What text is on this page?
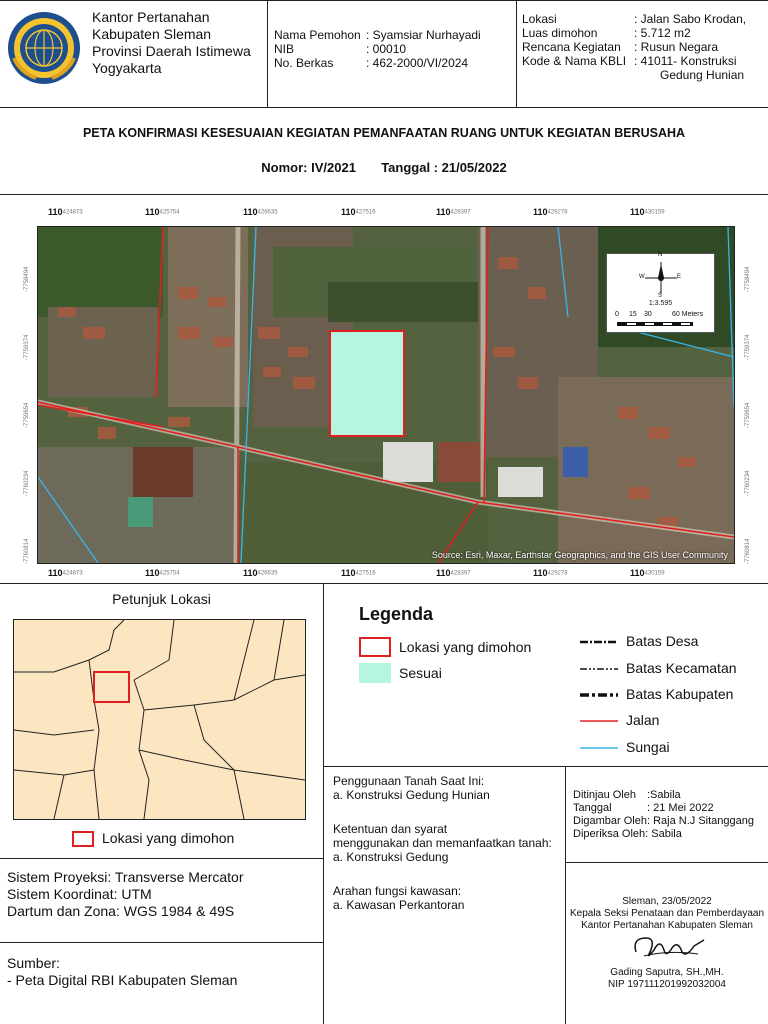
Kantor Pertanahan
Kabupaten Sleman
Provinsi Daerah Istimewa
Yogyakarta
Nama Pemohon : Syamsiar Nurhayadi
NIB	: 00010
No. Berkas	: 462-2000/VI/2024
Lokasi	: Jalan Sabo Krodan,
Luas dimohon	: 5.712 m2
Rencana Kegiatan	: Rusun Negara
Kode & Nama KBLI : 41011- Konstruksi
Gedung Hunian
PETA KONFIRMASI KESESUAIAN KEGIATAN PEMANFAATAN RUANG UNTUK KEGIATAN BERUSAHA
Nomor: IV/2021 Tanggal : 21/05/2022
N
S
W	E
1:3.595
0	15	30	60 Meters
Source: Esri, Maxar, Earthstar Geographics, and the GIS User Community
Petunjuk Lokasi
Lokasi yang dimohon
Sistem Proyeksi: Transverse Mercator
Sistem Koordinat: UTM
Dartum dan Zona: WGS 1984 & 49S
Sumber:
- Peta Digital RBI Kabupaten Sleman
Legenda
Lokasi yang dimohon
Sesuai
Batas Desa
Batas Kecamatan
Batas Kabupaten
Jalan
Sungai
Penggunaan Tanah Saat Ini:
a. Konstruksi Gedung Hunian
Ketentuan dan syarat
menggunakan dan memanfaatkan tanah:
a. Konstruksi Gedung
Arahan fungsi kawasan:
a. Kawasan Perkantoran
Ditinjau Oleh	:Sabila
Tanggal	: 21 Mei 2022
Digambar Oleh: Raja N.J Sitanggang
Diperiksa Oleh: Sabila
Sleman, 23/05/2022
Kepala Seksi Penataan dan Pemberdayaan
Kantor Pertanahan Kabupaten Sleman
Gading Saputra, SH.,MH.
NIP 197111201992032004
110424873
110424873
110425754
110425754
110426635
110426635
110427516
110427516
110428397
110428397
110429278
110429278
110430159
110430159
-7758494
-7758494
-7759374
-7759374
-7759654
-7759654
-7760234
-7760234
-7760814
-7760814
